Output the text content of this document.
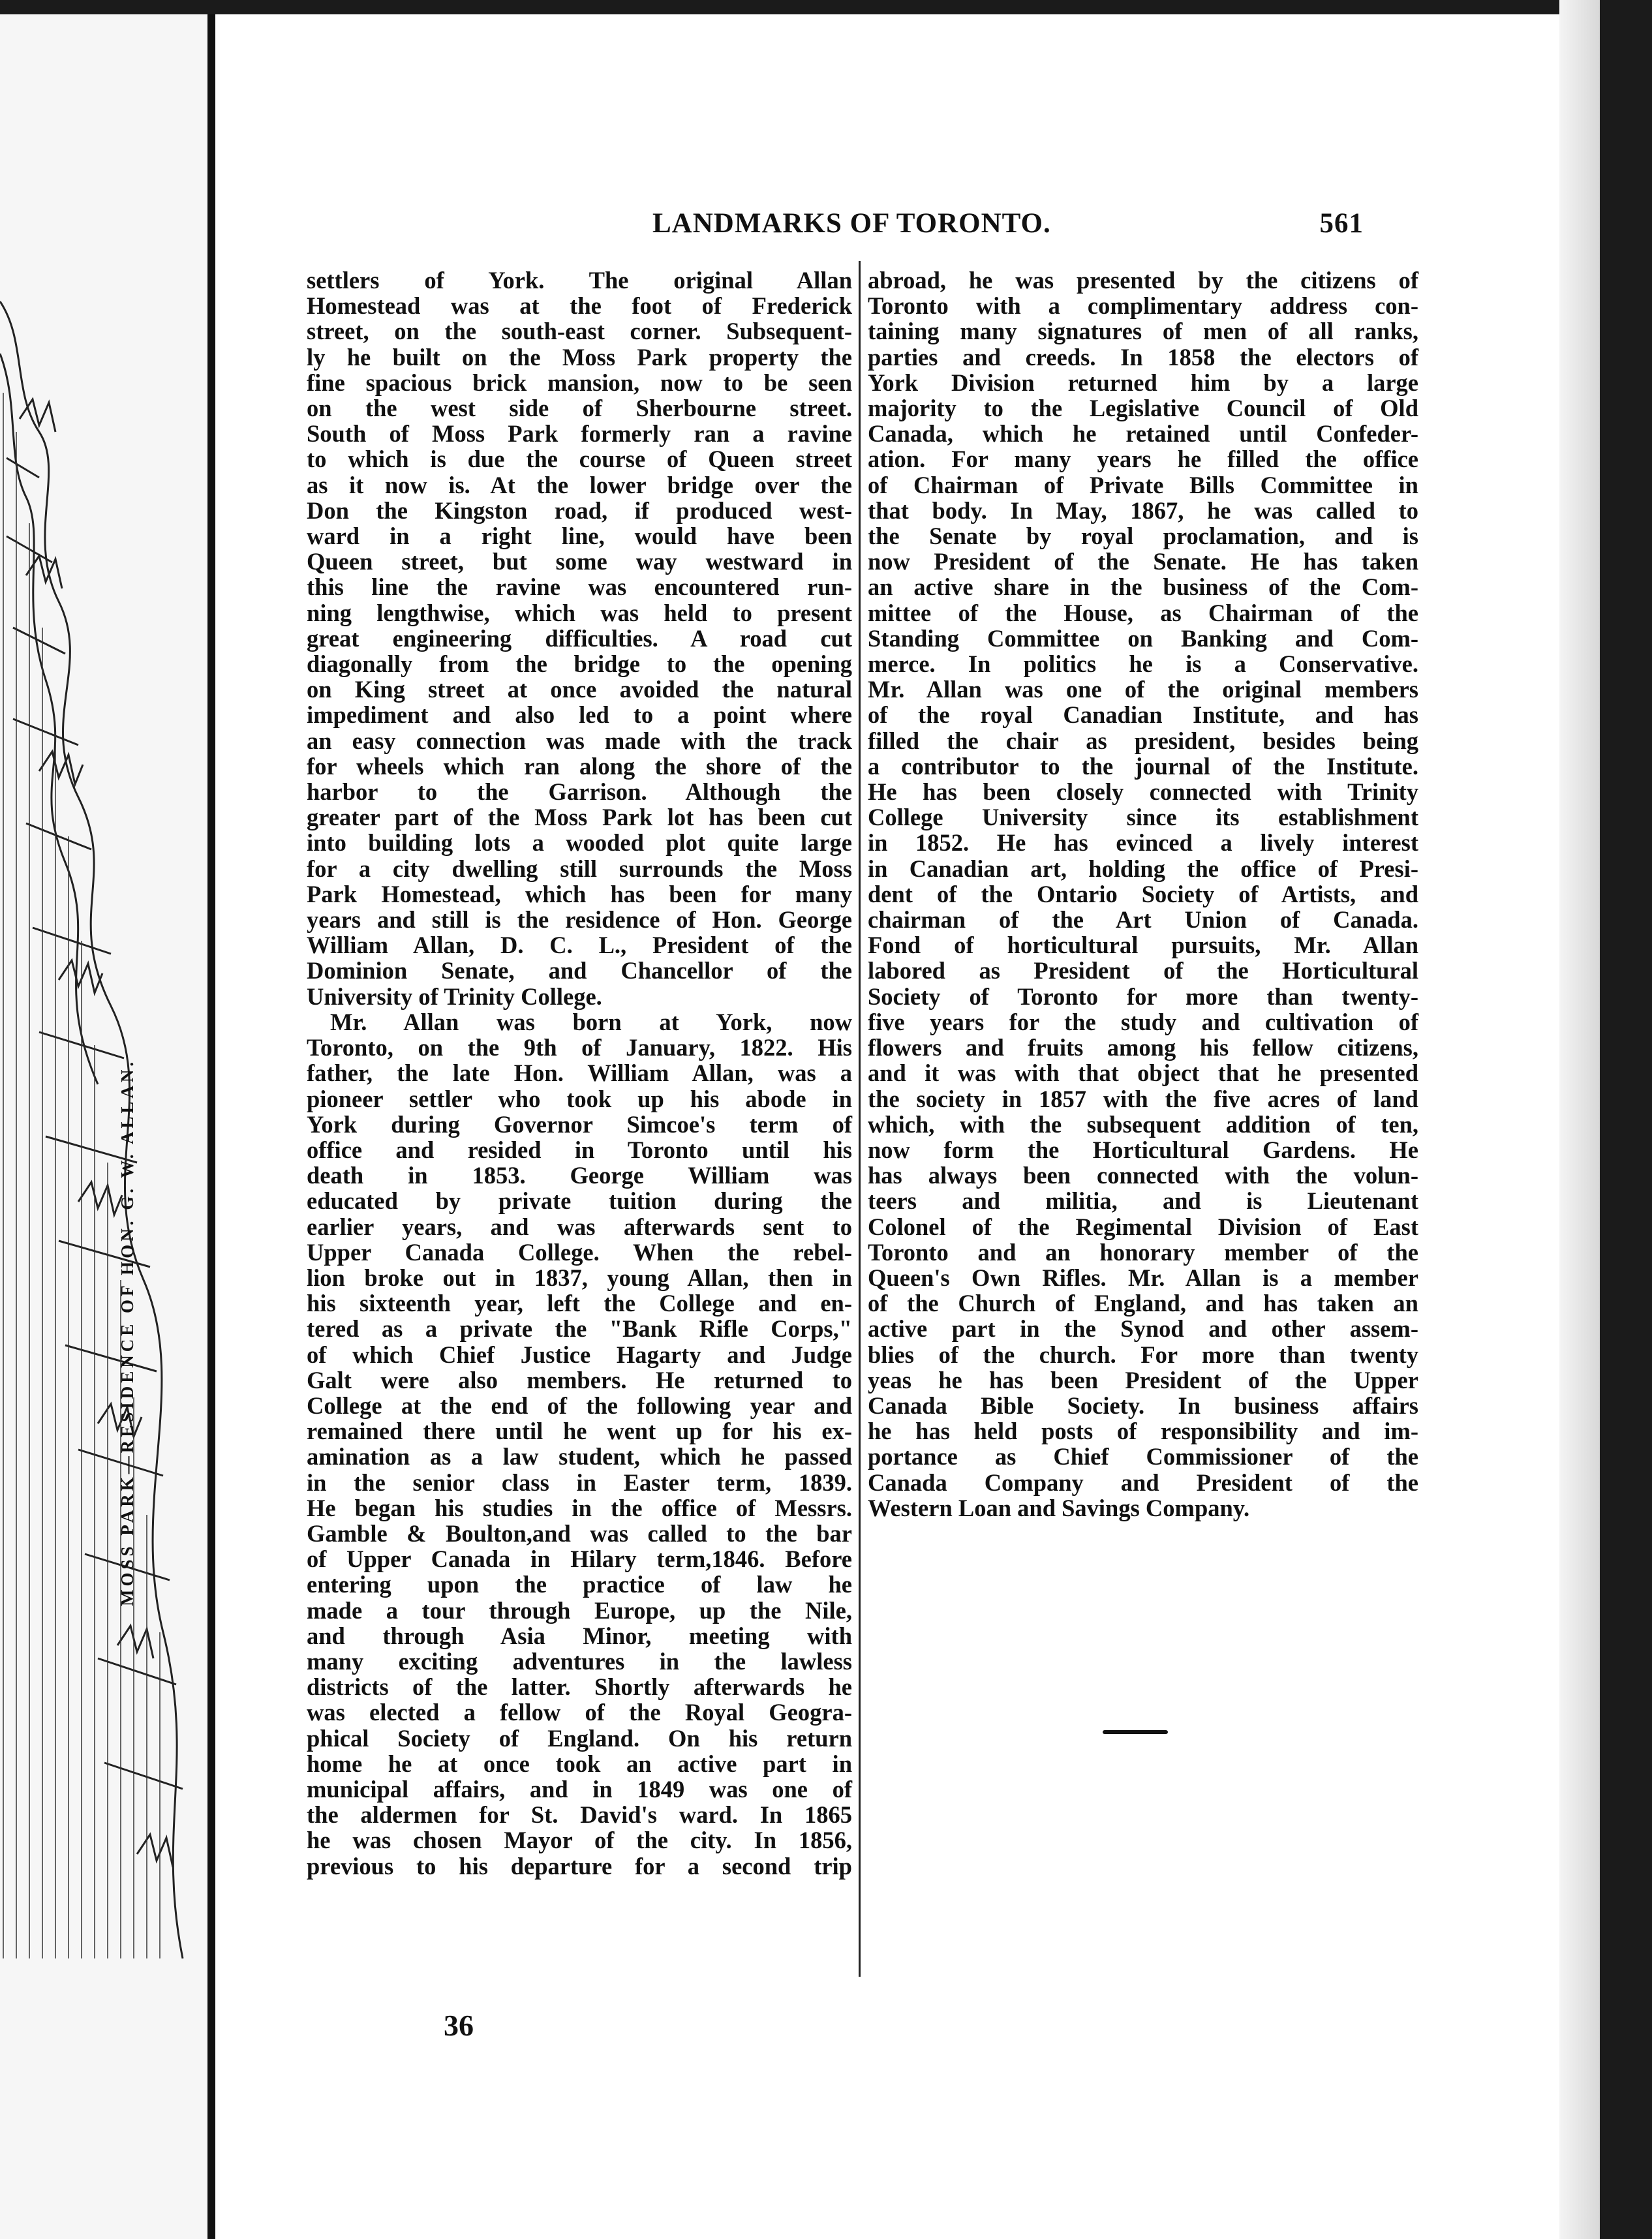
MOSS PARK—RESIDENCE OF HON. G. W. ALLAN.
LANDMARKS OF TORONTO.	561
settlers of York. The original Allan
Homestead was at the foot of Frederick
street, on the south-east corner. Subsequent-
ly he built on the Moss Park property the
fine spacious brick mansion, now to be seen
on the west side of Sherbourne street.
South of Moss Park formerly ran a ravine
to which is due the course of Queen street
as it now is. At the lower bridge over the
Don the Kingston road, if produced west-
ward in a right line, would have been
Queen street, but some way westward in
this line the ravine was encountered run-
ning lengthwise, which was held to present
great engineering difficulties. A road cut
diagonally from the bridge to the opening
on King street at once avoided the natural
impediment and also led to a point where
an easy connection was made with the track
for wheels which ran along the shore of the
harbor to the Garrison. Although the
greater part of the Moss Park lot has been cut
into building lots a wooded plot quite large
for a city dwelling still surrounds the Moss
Park Homestead, which has been for many
years and still is the residence of Hon. George
William Allan, D. C. L., President of the
Dominion Senate, and Chancellor of the
University of Trinity College.
Mr. Allan was born at York, now
Toronto, on the 9th of January, 1822. His
father, the late Hon. William Allan, was a
pioneer settler who took up his abode in
York during Governor Simcoe's term of
office and resided in Toronto until his
death in 1853. George William was
educated by private tuition during the
earlier years, and was afterwards sent to
Upper Canada College. When the rebel-
lion broke out in 1837, young Allan, then in
his sixteenth year, left the College and en-
tered as a private the "Bank Rifle Corps,"
of which Chief Justice Hagarty and Judge
Galt were also members. He returned to
College at the end of the following year and
remained there until he went up for his ex-
amination as a law student, which he passed
in the senior class in Easter term, 1839.
He began his studies in the office of Messrs.
Gamble & Boulton,and was called to the bar
of Upper Canada in Hilary term,1846. Before
entering upon the practice of law he
made a tour through Europe, up the Nile,
and through Asia Minor, meeting with
many exciting adventures in the lawless
districts of the latter. Shortly afterwards he
was elected a fellow of the Royal Geogra-
phical Society of England. On his return
home he at once took an active part in
municipal affairs, and in 1849 was one of
the aldermen for St. David's ward. In 1865
he was chosen Mayor of the city. In 1856,
previous to his departure for a second trip
abroad, he was presented by the citizens of
Toronto with a complimentary address con-
taining many signatures of men of all ranks,
parties and creeds. In 1858 the electors of
York Division returned him by a large
majority to the Legislative Council of Old
Canada, which he retained until Confeder-
ation. For many years he filled the office
of Chairman of Private Bills Committee in
that body. In May, 1867, he was called to
the Senate by royal proclamation, and is
now President of the Senate. He has taken
an active share in the business of the Com-
mittee of the House, as Chairman of the
Standing Committee on Banking and Com-
merce. In politics he is a Conservative.
Mr. Allan was one of the original members
of the royal Canadian Institute, and has
filled the chair as president, besides being
a contributor to the journal of the Institute.
He has been closely connected with Trinity
College University since its establishment
in 1852. He has evinced a lively interest
in Canadian art, holding the office of Presi-
dent of the Ontario Society of Artists, and
chairman of the Art Union of Canada.
Fond of horticultural pursuits, Mr. Allan
labored as President of the Horticultural
Society of Toronto for more than twenty-
five years for the study and cultivation of
flowers and fruits among his fellow citizens,
and it was with that object that he presented
the society in 1857 with the five acres of land
which, with the subsequent addition of ten,
now form the Horticultural Gardens. He
has always been connected with the volun-
teers and militia, and is Lieutenant
Colonel of the Regimental Division of East
Toronto and an honorary member of the
Queen's Own Rifles. Mr. Allan is a member
of the Church of England, and has taken an
active part in the Synod and other assem-
blies of the church. For more than twenty
yeas he has been President of the Upper
Canada Bible Society. In business affairs
he has held posts of responsibility and im-
portance as Chief Commissioner of the
Canada Company and President of the
Western Loan and Savings Company.
36
